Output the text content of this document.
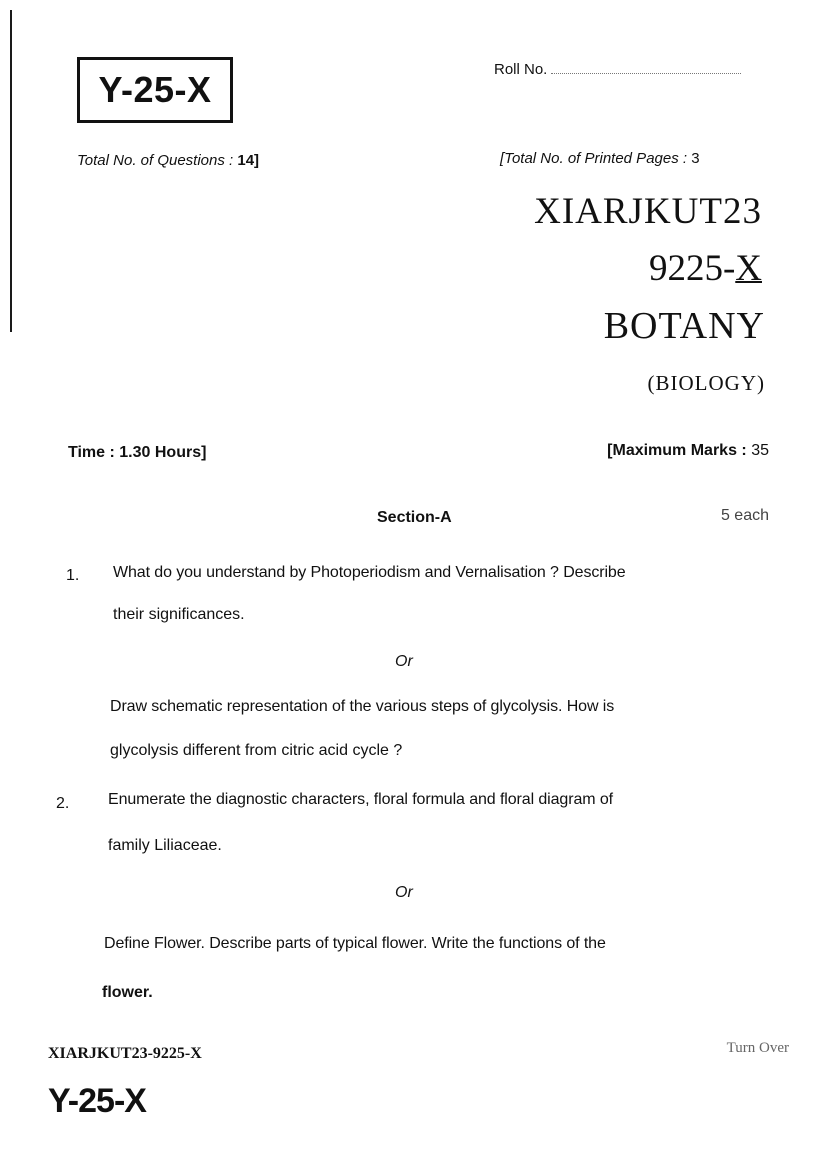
Y-25-X	Roll No.
Total No. of Questions : 14]	[Total No. of Printed Pages : 3
XIARJKUT23
9225-X
BOTANY
(BIOLOGY)
Time : 1.30 Hours]	[Maximum Marks : 35
Section-A	5 each
1. What do you understand by Photoperiodism and Vernalisation ? Describe
their significances.
Or
Draw schematic representation of the various steps of glycolysis. How is
glycolysis different from citric acid cycle ?
2. Enumerate the diagnostic characters, floral formula and floral diagram of
family Liliaceae.
Or
Define Flower. Describe parts of typical flower. Write the functions of the
flower.
XIARJKUT23-9225-X	Turn Over
Y-25-X
